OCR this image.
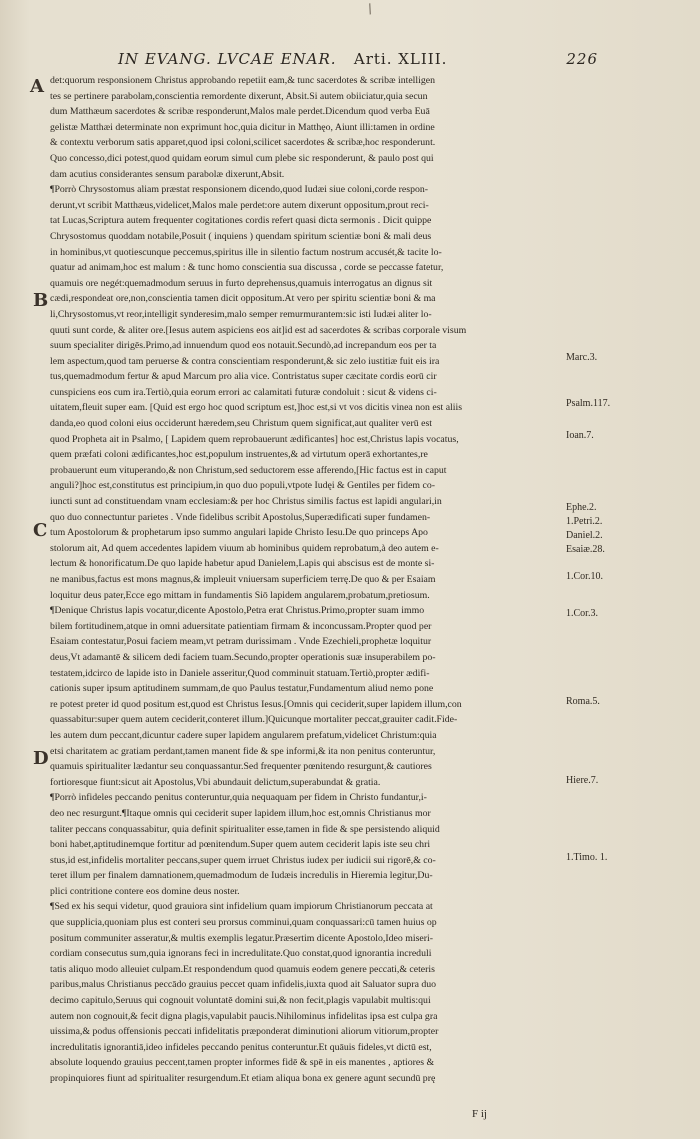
/
IN EVANG. LVCAE ENAR. Arti. XLIII.	226
A
B
C
D
det:quorum responsionem Christus approbando repetiit eam,& tunc sacerdotes & scribæ intelligen
tes se pertinere parabolam,conscientia remordente dixerunt, Absit.Si autem obiiciatur,quia secun
dum Matthæum sacerdotes & scribæ responderunt,Malos male perdet.Dicendum quod verba Euā
gelistæ Matthæi determinate non exprimunt hoc,quia dicitur in Matthęo, Aiunt illi:tamen in ordine
& contextu verborum satis apparet,quod ipsi coloni,scilicet sacerdotes & scribæ,hoc responderunt.
Quo concesso,dici potest,quod quidam eorum simul cum plebe sic responderunt, & paulo post qui
dam acutius considerantes sensum parabolæ dixerunt,Absit.
¶Porrò Chrysostomus aliam præstat responsionem dicendo,quod Iudæi siue coloni,corde respon-
derunt,vt scribit Matthæus,videlicet,Malos male perdet:ore autem dixerunt oppositum,prout reci-
tat Lucas,Scriptura autem frequenter cogitationes cordis refert quasi dicta sermonis . Dicit quippe
Chrysostomus quoddam notabile,Posuit ( inquiens ) quendam spiritum scientiæ boni & mali deus
in hominibus,vt quotiescunque peccemus,spiritus ille in silentio factum nostrum accusét,& tacite lo-
quatur ad animam,hoc est malum : & tunc homo conscientia sua discussa , corde se peccasse fatetur,
quamuis ore negét:quemadmodum seruus in furto deprehensus,quamuis interrogatus an dignus sit
cædi,respondeat ore,non,conscientia tamen dicit oppositum.At vero per spiritu scientiæ boni & ma
li,Chrysostomus,vt reor,intelligit synderesim,malo semper remurmurantem:sic isti Iudæi aliter lo-
quuti sunt corde, & aliter ore.[Iesus autem aspiciens eos ait]id est ad sacerdotes & scribas corporale visum
suum specialiter dirigēs.Primo,ad innuendum quod eos notauit.Secundò,ad increpandum eos per ta
lem aspectum,quod tam peruerse & contra conscientiam responderunt,& sic zelo iustitiæ fuit eis ira
tus,quemadmodum fertur & apud Marcum pro alia vice. Contristatus super cæcitate cordis eorū cir
cunspiciens eos cum ira.Tertiò,quia eorum errori ac calamitati futuræ condoluit : sicut & videns ci-
uitatem,fleuit super eam. [Quid est ergo hoc quod scriptum est,]hoc est,si vt vos dicitis vinea non est aliis
danda,eo quod coloni eius occiderunt hæredem,seu Christum quem significat,aut qualiter verū est
quod Propheta ait in Psalmo, [ Lapidem quem reprobauerunt ædificantes] hoc est,Christus lapis vocatus,
quem præfati coloni ædificantes,hoc est,populum instruentes,& ad virtutum operā exhortantes,re
probauerunt eum vituperando,& non Christum,sed seductorem esse afferendo,[Hic factus est in caput
anguli?]hoc est,constitutus est principium,in quo duo populi,vtpote Iudęi & Gentiles per fidem co-
iuncti sunt ad constituendam vnam ecclesiam:& per hoc Christus similis factus est lapidi angulari,in
quo duo connectuntur parietes . Vnde fidelibus scribit Apostolus,Superædificati super fundamen-
tum Apostolorum & prophetarum ipso summo angulari lapide Christo Iesu.De quo princeps Apo
stolorum ait, Ad quem accedentes lapidem viuum ab hominibus quidem reprobatum,à deo autem e-
lectum & honorificatum.De quo lapide habetur apud Danielem,Lapis qui abscisus est de monte si-
ne manibus,factus est mons magnus,& impleuit vniuersam superficiem terrę.De quo & per Esaiam
loquitur deus pater,Ecce ego mittam in fundamentis Siō lapidem angularem,probatum,pretiosum.
¶Denique Christus lapis vocatur,dicente Apostolo,Petra erat Christus.Primo,propter suam immo
bilem fortitudinem,atque in omni aduersitate patientiam firmam & inconcussam.Propter quod per
Esaiam contestatur,Posui faciem meam,vt petram durissimam . Vnde Ezechieli,prophetæ loquitur
deus,Vt adamantē & silicem dedi faciem tuam.Secundo,propter operationis suæ insuperabilem po-
testatem,idcirco de lapide isto in Daniele asseritur,Quod comminuit statuam.Tertiò,propter ædifi-
cationis super ipsum aptitudinem summam,de quo Paulus testatur,Fundamentum aliud nemo pone
re potest preter id quod positum est,quod est Christus Iesus.[Omnis qui ceciderit,super lapidem illum,con
quassabitur:super quem autem ceciderit,conteret illum.]Quicunque mortaliter peccat,grauiter cadit.Fide-
les autem dum peccant,dicuntur cadere super lapidem angularem prefatum,videlicet Christum:quia
etsi charitatem ac gratiam perdant,tamen manent fide & spe informi,& ita non penitus conteruntur,
quamuis spiritualiter lædantur seu conquassantur.Sed frequenter pœnitendo resurgunt,& cautiores
fortioresque fiunt:sicut ait Apostolus,Vbi abundauit delictum,superabundat & gratia.
¶Porrò infideles peccando penitus conteruntur,quia nequaquam per fidem in Christo fundantur,i-
deo nec resurgunt.¶Itaque omnis qui ceciderit super lapidem illum,hoc est,omnis Christianus mor
taliter peccans conquassabitur, quia definit spiritualiter esse,tamen in fide & spe persistendo aliquid
boni habet,aptitudinemque fortitur ad pœnitendum.Super quem autem ceciderit lapis iste seu chri
stus,id est,infidelis mortaliter peccans,super quem irruet Christus iudex per iudicii sui rigorē,& co-
teret illum per finalem damnationem,quemadmodum de Iudæis incredulis in Hieremia legitur,Du-
plici contritione contere eos domine deus noster.
¶Sed ex his sequi videtur, quod grauiora sint infidelium quam impiorum Christianorum peccata at
que supplicia,quoniam plus est conteri seu prorsus comminui,quam conquassari:cū tamen huius op
positum communiter asseratur,& multis exemplis legatur.Præsertim dicente Apostolo,Ideo miseri-
cordiam consecutus sum,quia ignorans feci in incredulitate.Quo constat,quod ignorantia increduli
tatis aliquo modo alleuiet culpam.Et respondendum quod quamuis eodem genere peccati,& ceteris
paribus,malus Christianus peccādo grauius peccet quam infidelis,iuxta quod ait Saluator supra duo
decimo capitulo,Seruus qui cognouit voluntatē domini sui,& non fecit,plagis vapulabit multis:qui
autem non cognouit,& fecit digna plagis,vapulabit paucis.Nihilominus infidelitas ipsa est culpa gra
uissima,& podus offensionis peccati infidelitatis præponderat diminutioni aliorum vitiorum,propter
incredulitatis ignorantiā,ideo infideles peccando penitus conteruntur.Et quāuis fideles,vt dictū est,
absolute loquendo grauius peccent,tamen propter informes fidē & spē in eis manentes , aptiores &
propinquiores fiunt ad spiritualiter resurgendum.Et etiam aliqua bona ex genere agunt secundū prę
Marc.3.
Psalm.117.
Ioan.7.
Ephe.2.
1.Petri.2.
Daniel.2.
Esaiæ.28.
1.Cor.10.
1.Cor.3.
Roma.5.
Hiere.7.
1.Timo. 1.
F ij
